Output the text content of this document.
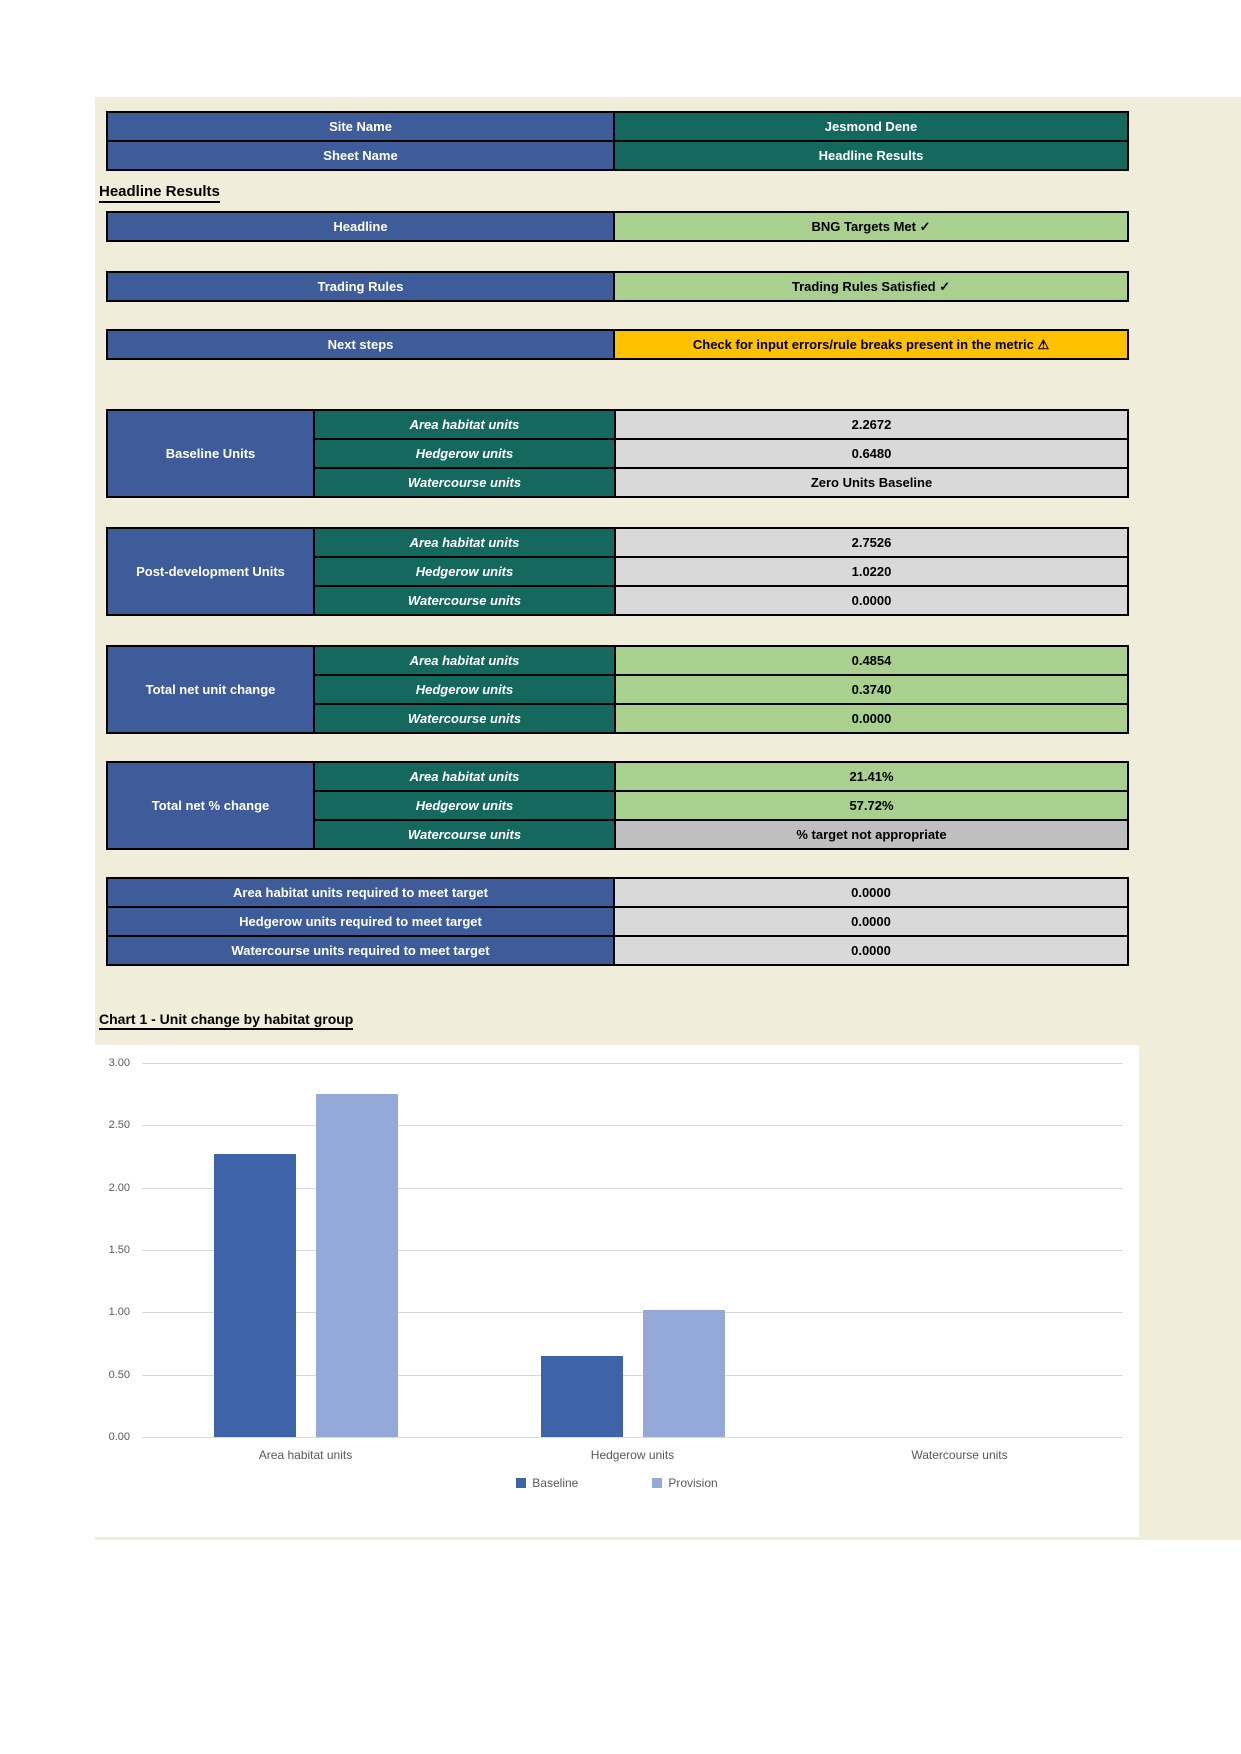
Site Name	Jesmond Dene
Sheet Name	Headline Results
Headline Results
Headline	BNG Targets Met ✓
Trading Rules	Trading Rules Satisfied ✓
Next steps	Check for input errors/rule breaks present in the metric ⚠
Baseline Units
Area habitat units	2.2672
Hedgerow units	0.6480
Watercourse units	Zero Units Baseline
Post-development Units
Area habitat units	2.7526
Hedgerow units	1.0220
Watercourse units	0.0000
Total net unit change
Area habitat units	0.4854
Hedgerow units	0.3740
Watercourse units	0.0000
Total net % change
Area habitat units	21.41%
Hedgerow units	57.72%
Watercourse units	% target not appropriate
Area habitat units required to meet target	0.0000
Hedgerow units required to meet target	0.0000
Watercourse units required to meet target	0.0000
Chart 1 - Unit change by habitat group
0.00
0.50
1.00
1.50
2.00
2.50
3.00
Area habitat units	Hedgerow units	Watercourse units
Baseline	Provision
